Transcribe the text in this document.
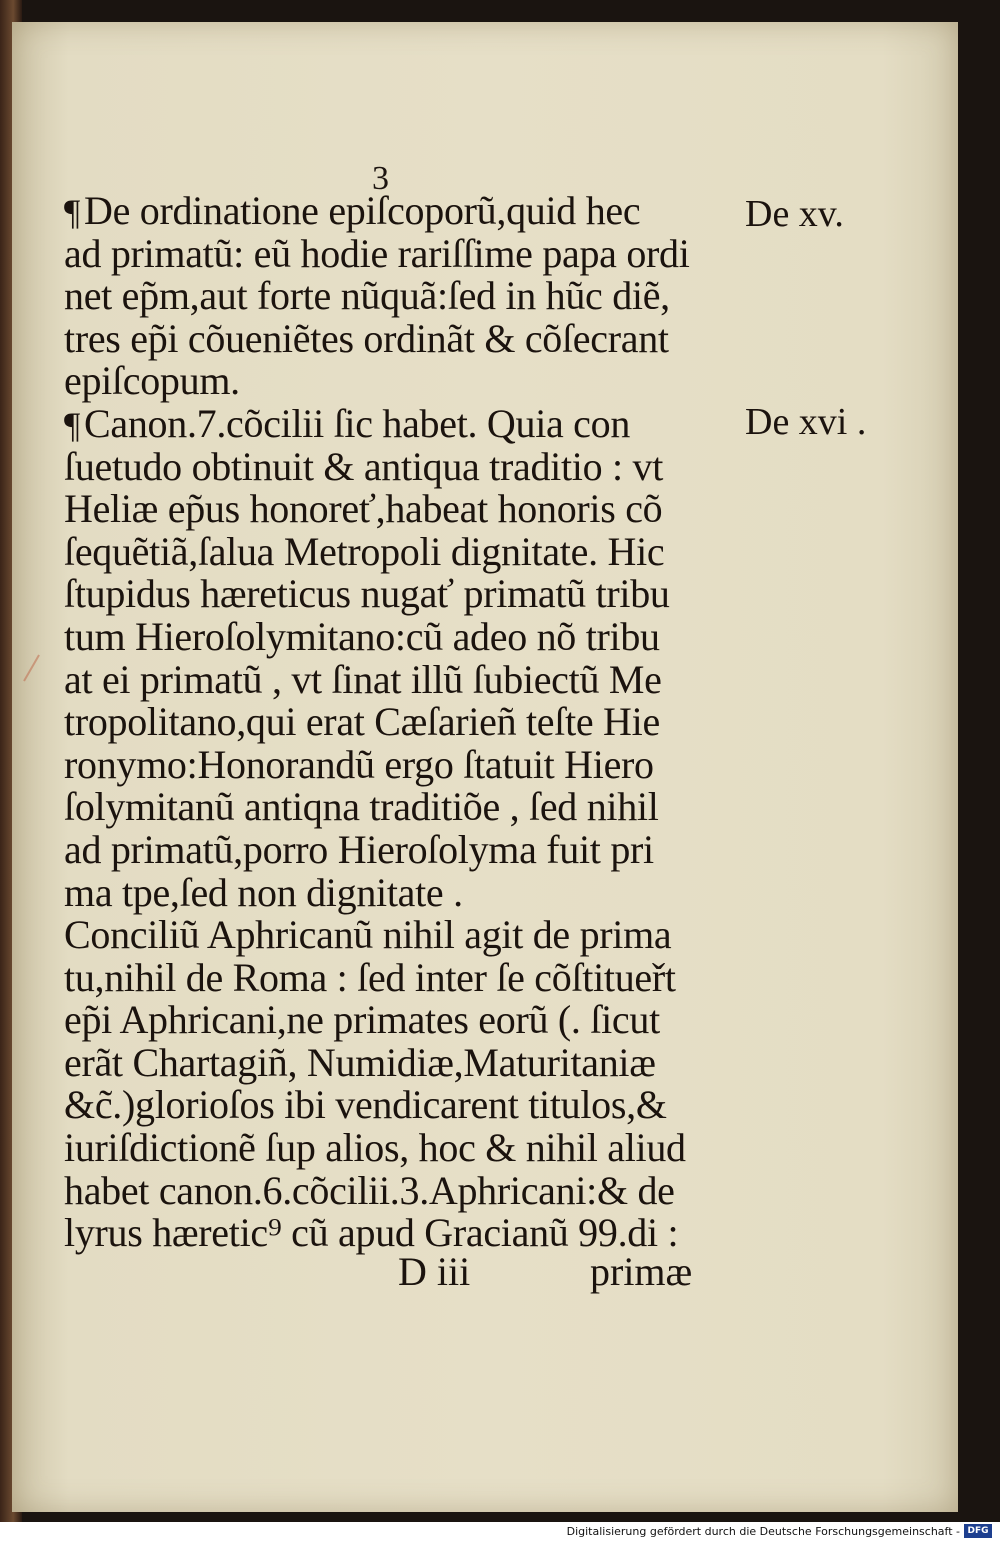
3
¶ De ordinatione epiſcoporũ,quid hec
ad primatũ: eũ hodie rariſſime papa ordi
net ep̃m,aut forte nũquã:ſed in hũc diẽ,
tres ep̃i cõueniẽtes ordinãt & cõſecrant
epiſcopum.
¶ Canon.7.cõcilii ſic habet. Quia con
ſuetudo obtinuit & antiqua traditio : vt
Heliæ ep̃us honoreť,habeat honoris cõ
ſequẽtiã,ſalua Metropoli dignitate. Hic
ſtupidus hæreticus nugať primatũ tribu
tum Hieroſolymitano:cũ adeo nõ tribu
at ei primatũ , vt ſinat illũ ſubiectũ Me
tropolitano,qui erat Cæſarieñ teſte Hie
ronymo:Honorandũ ergo ſtatuit Hiero
ſolymitanũ antiqna traditiõe , ſed nihil
ad primatũ,porro Hieroſolyma fuit pri
ma tpe,ſed non dignitate .
Conciliũ Aphricanũ nihil agit de prima
tu,nihil de Roma : ſed inter ſe cõſtitueřt
ep̃i Aphricani,ne primates eorũ (. ſicut
erãt Chartagiñ, Numidiæ,Maturitaniæ
&c̃.)glorioſos ibi vendicarent titulos,&
iuriſdictionẽ ſup alios, hoc & nihil aliud
habet canon.6.cõcilii.3.Aphricani:& de
lyrus hæretic⁹ cũ apud Gracianũ 99.di :
De xv.
De xvi .
D iii	primæ
Digitalisierung gefördert durch die Deutsche Forschungsgemeinschaft - DFG
